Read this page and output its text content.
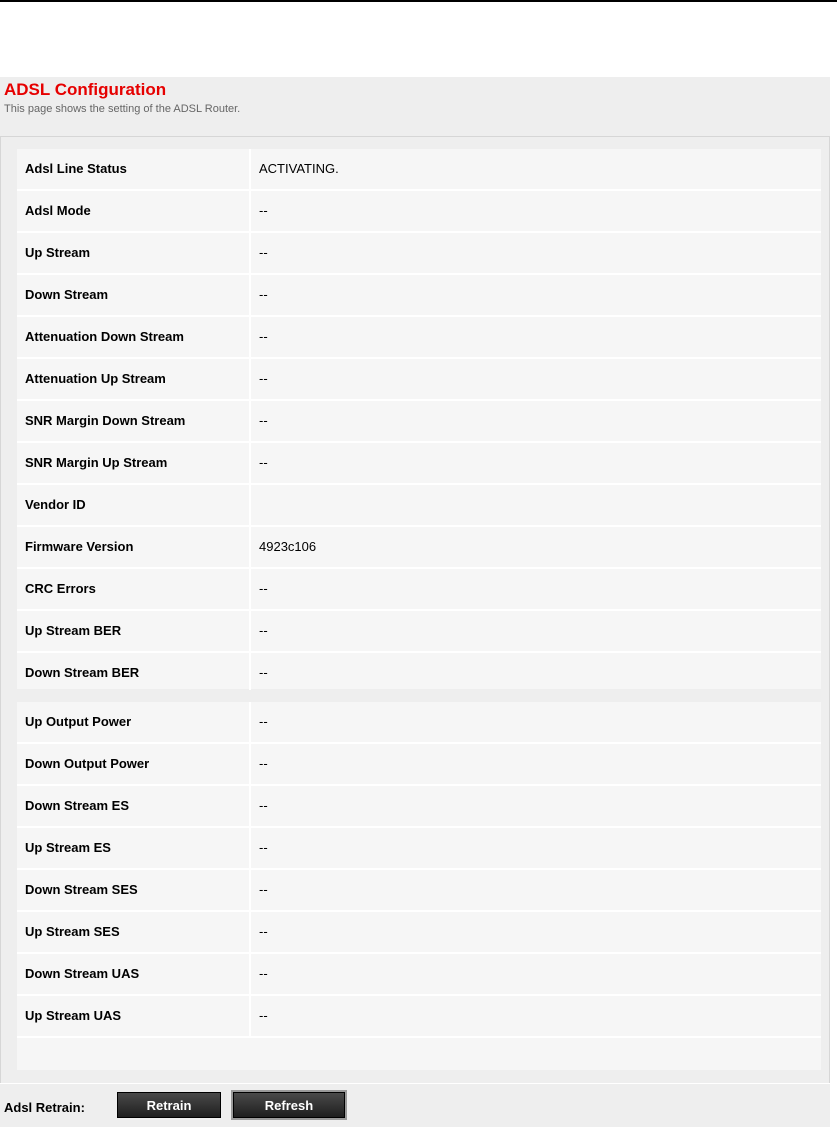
ADSL Configuration
This page shows the setting of the ADSL Router.
Adsl Line Status	ACTIVATING.
Adsl Mode	--
Up Stream	--
Down Stream	--
Attenuation Down Stream	--
Attenuation Up Stream	--
SNR Margin Down Stream	--
SNR Margin Up Stream	--
Vendor ID
Firmware Version	4923c106
CRC Errors	--
Up Stream BER	--
Down Stream BER	--
Up Output Power	--
Down Output Power	--
Down Stream ES	--
Up Stream ES	--
Down Stream SES	--
Up Stream SES	--
Down Stream UAS	--
Up Stream UAS	--
Adsl Retrain:	Retrain	Refresh
